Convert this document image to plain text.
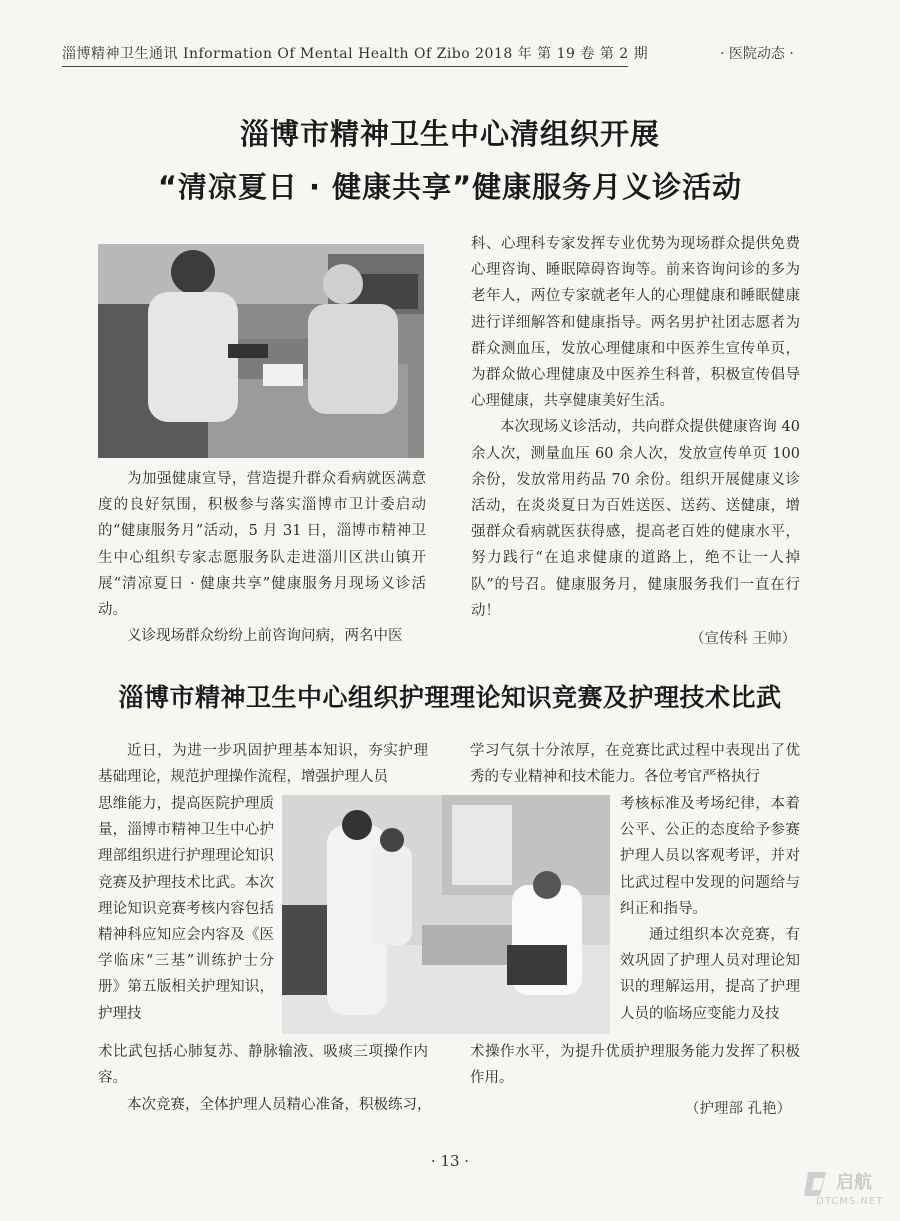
淄博精神卫生通讯 Information Of Mental Health Of Zibo 2018 年 第 19 卷 第 2 期	· 医院动态 ·
淄博市精神卫生中心清组织开展
“清凉夏日 · 健康共享”健康服务月义诊活动

为加强健康宣导，营造提升群众看病就医满意度的良好氛围，积极参与落实淄博市卫计委启动的“健康服务月”活动，5 月 31 日，淄博市精神卫生中心组织专家志愿服务队走进淄川区洪山镇开展“清凉夏日 · 健康共享”健康服务月现场义诊活动。

义诊现场群众纷纷上前咨询问病，两名中医

科、心理科专家发挥专业优势为现场群众提供免费心理咨询、睡眠障碍咨询等。前来咨询问诊的多为老年人，两位专家就老年人的心理健康和睡眠健康进行详细解答和健康指导。两名男护社团志愿者为群众测血压，发放心理健康和中医养生宣传单页，为群众做心理健康及中医养生科普，积极宣传倡导心理健康，共享健康美好生活。

本次现场义诊活动，共向群众提供健康咨询 40 余人次，测量血压 60 余人次，发放宣传单页 100 余份，发放常用药品 70 余份。组织开展健康义诊活动，在炎炎夏日为百姓送医、送药、送健康，增强群众看病就医获得感，提高老百姓的健康水平，努力践行“在追求健康的道路上，绝不让一人掉队”的号召。健康服务月，健康服务我们一直在行动！

（宣传科 王帅）
淄博市精神卫生中心组织护理理论知识竞赛及护理技术比武
近日，为进一步巩固护理基本知识，夯实护理基础理论，规范护理操作流程，增强护理人员
思维能力，提高医院护理质量，淄博市精神卫生中心护理部组织进行护理理论知识竞赛及护理技术比武。本次理论知识竞赛考核内容包括精神科应知应会内容及《医学临床“三基”训练护士分册》第五版相关护理知识，护理技
术比武包括心肺复苏、静脉输液、吸痰三项操作内容。
本次竞赛，全体护理人员精心准备，积极练习，
学习气氛十分浓厚，在竞赛比武过程中表现出了优秀的专业精神和技术能力。各位考官严格执行
考核标准及考场纪律，本着公平、公正的态度给予参赛护理人员以客观考评，并对比武过程中发现的问题给与纠正和指导。
通过组织本次竞赛，有效巩固了护理人员对理论知识的理解运用，提高了护理人员的临场应变能力及技
术操作水平，为提升优质护理服务能力发挥了积极作用。
（护理部 孔艳）
· 13 ·
启航
DTCMS.NET
